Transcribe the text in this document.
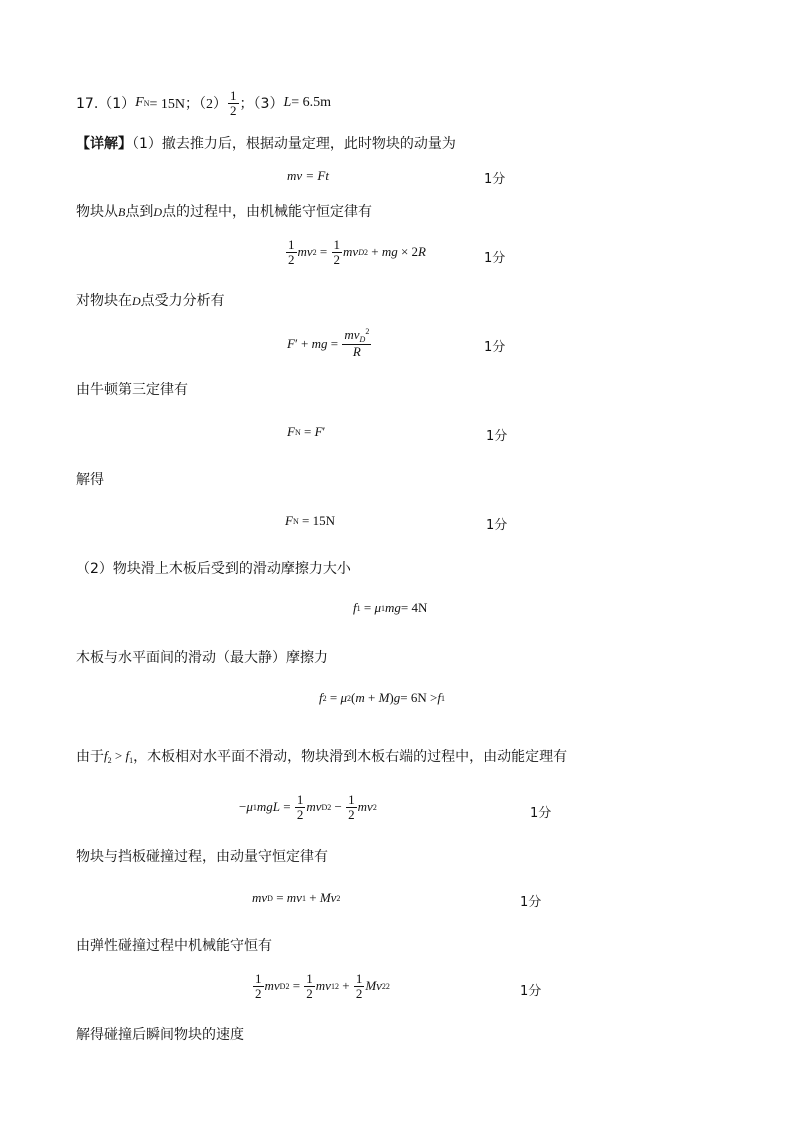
17.（1） F N = 15N；$(2) \frac{1}{2}$ ；（3） L = 6.5m
【详解】（1）撤去推力后，根据动量定理，此时物块的动量为
mv = Ft	1分
物块从B点到D点的过程中，由机械能守恒定律有
$\frac{1}{2}$ mv $2 = \frac{1}{2}$ mv D 2 + mg × 2 R	1分
对物块在D点受力分析有
F ′ + mg = $\frac{mv_D^2}{R}$	1分
由牛顿第三定律有
F N = F ′	1分
解得
F N = 15N	1分
（2）物块滑上木板后受到的滑动摩擦力大小
f 1 = μ 1 mg = 4N
木板与水平面间的滑动（最大静）摩擦力
f 2 = μ 2 ( m + M ) g = 6N > f 1
由于 $f_2 > f_1$ ，木板相对水平面不滑动，物块滑到木板右端的过程中，由动能定理有
− μ 1 mgL = $\frac{1}{2}$ mv D $2 - \frac{1}{2}$ mv 2	1分
物块与挡板碰撞过程，由动量守恒定律有
mv D = mv 1 + Mv 2	1分
由弹性碰撞过程中机械能守恒有
$\frac{1}{2}$ mv D $2 = \frac{1}{2}$ mv 1 $2 + \frac{1}{2}$ Mv 2 2	1分
解得碰撞后瞬间物块的速度
